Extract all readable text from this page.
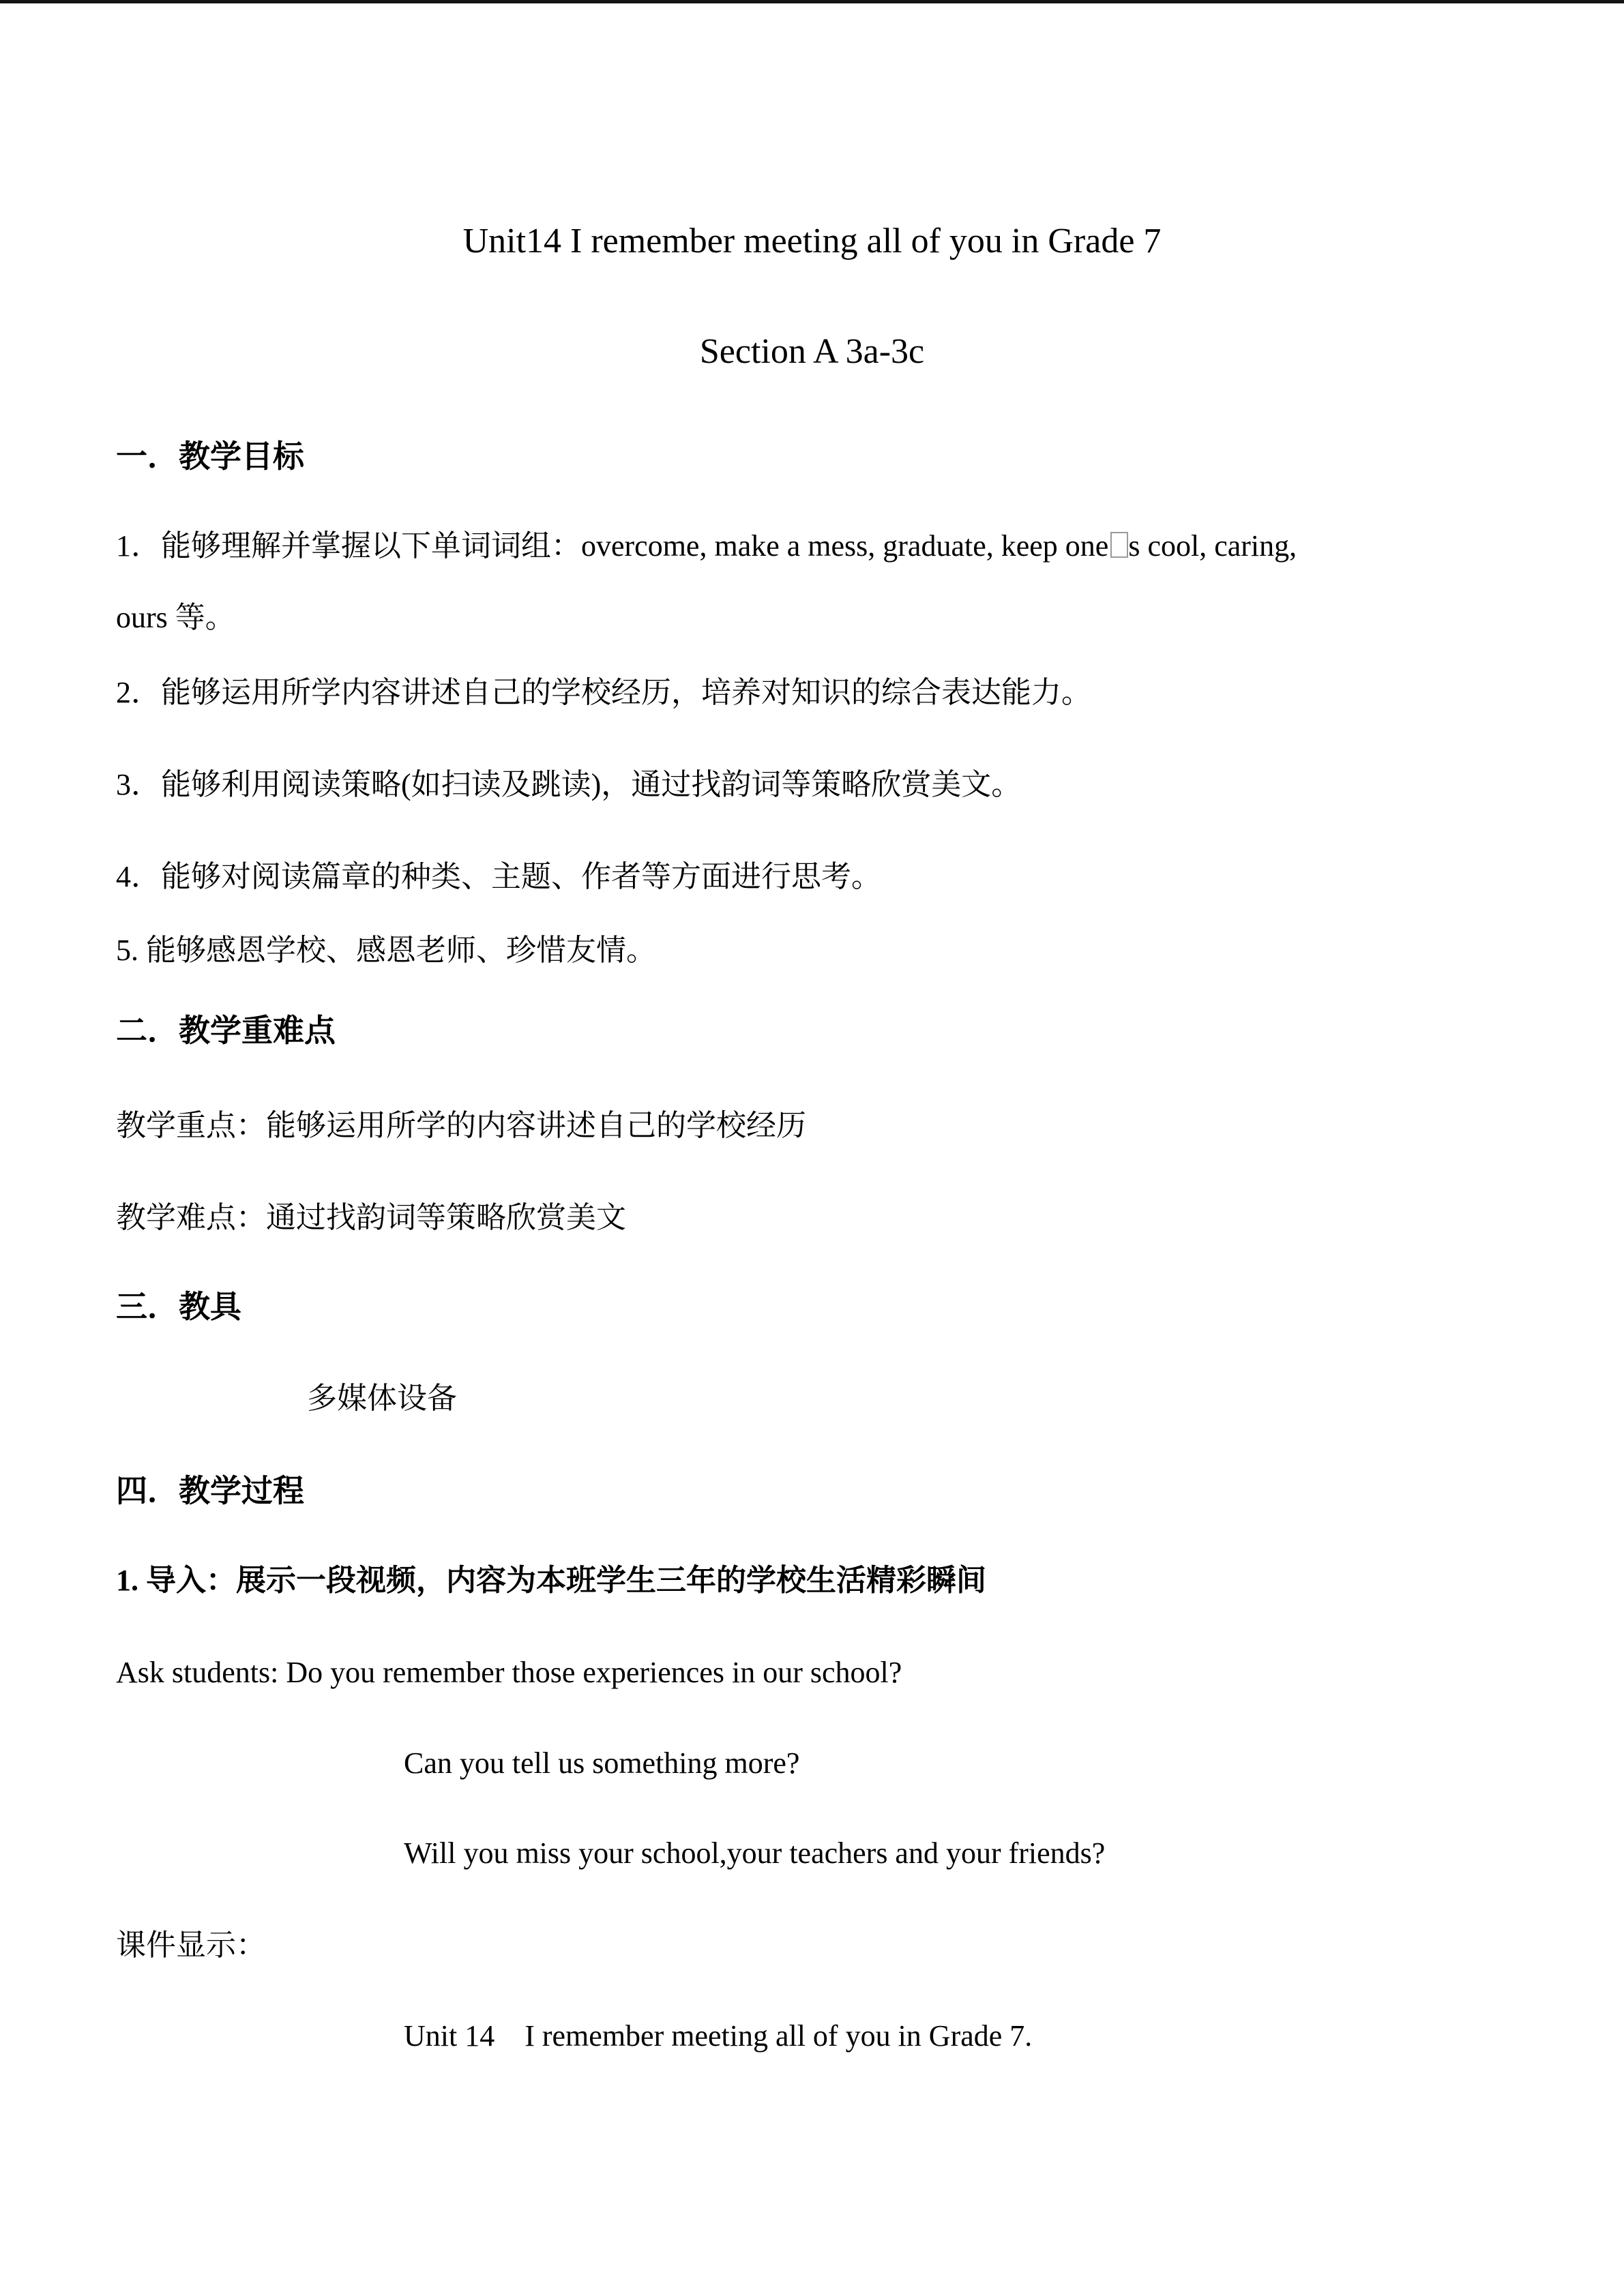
Unit14 I remember meeting all of you in Grade 7

Section A 3a-3c

一．教学目标

1．能够理解并掌握以下单词词组：overcome, make a mess, graduate, keep one s cool, caring,

ours 等。

2．能够运用所学内容讲述自己的学校经历，培养对知识的综合表达能力。

3．能够利用阅读策略(如扫读及跳读)，通过找韵词等策略欣赏美文。

4．能够对阅读篇章的种类、主题、作者等方面进行思考。

5. 能够感恩学校、感恩老师、珍惜友情。

二．教学重难点

教学重点：能够运用所学的内容讲述自己的学校经历

教学难点：通过找韵词等策略欣赏美文

三．教具

多媒体设备

四．教学过程

1. 导入：展示一段视频，内容为本班学生三年的学校生活精彩瞬间

Ask students: Do you remember those experiences in our school?

Can you tell us something more?

Will you miss your school,your teachers and your friends?

课件显示：

Unit 14    I remember meeting all of you in Grade 7.
